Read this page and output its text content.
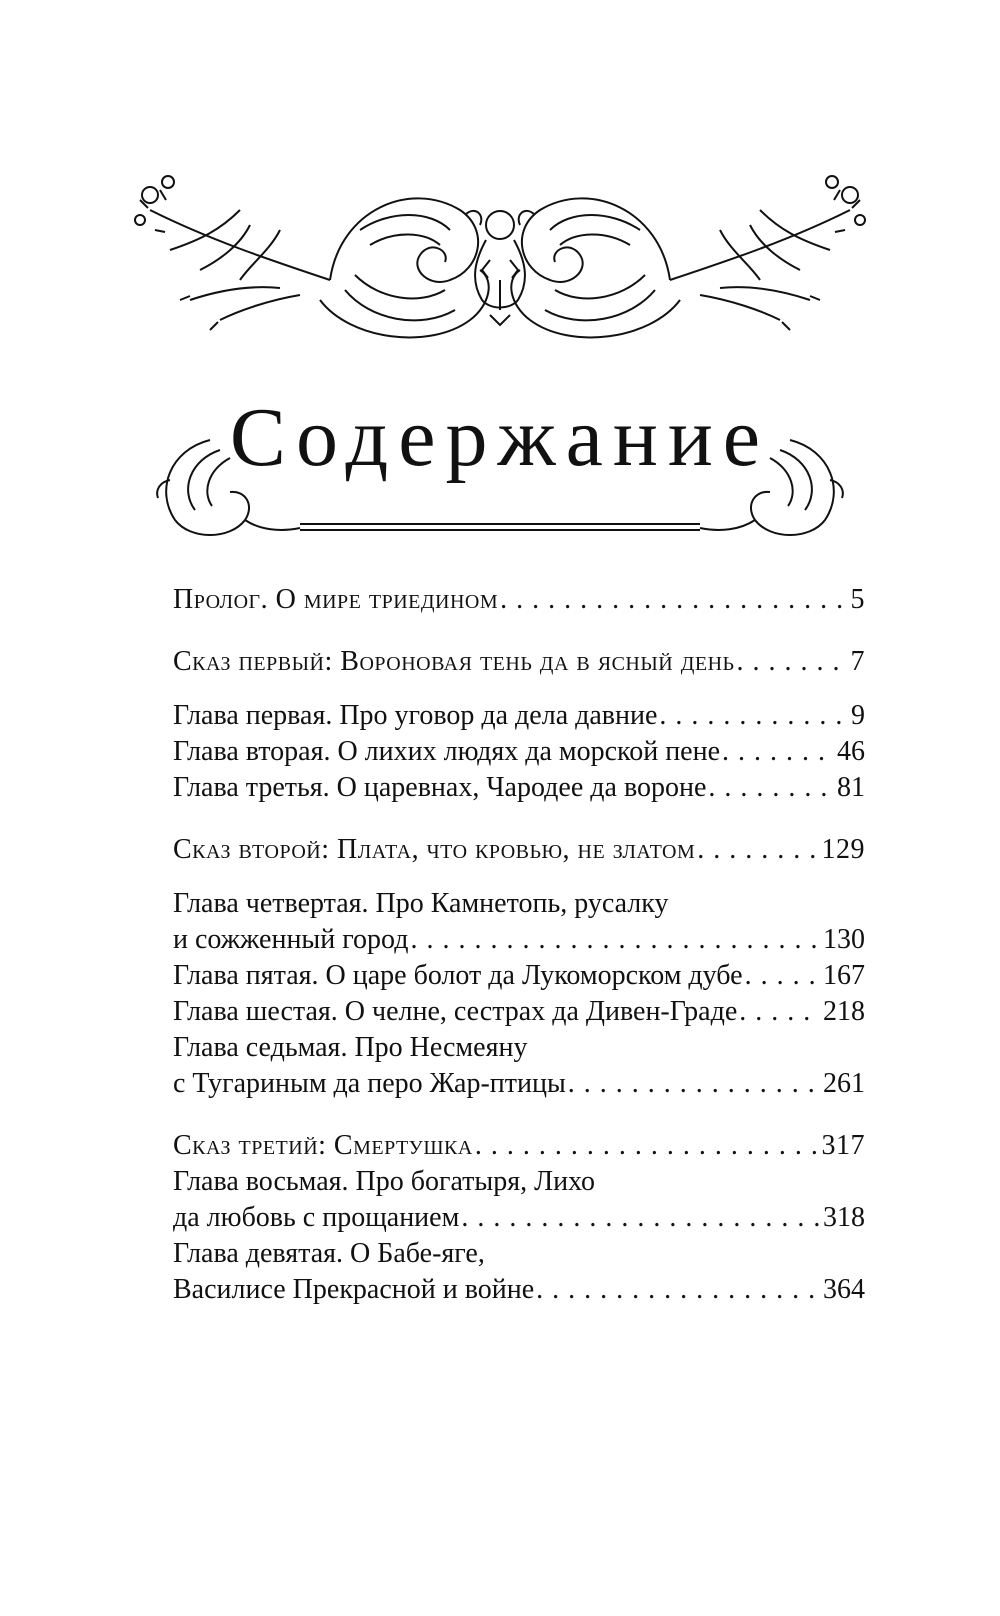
Содержание
Пролог. О мире триедином . . .	5
Сказ первый: Вороновая тень да в ясный день . . .	7
Глава первая. Про уговор да дела давние . . .	9
Глава вторая. О лихих людях да морской пене . . .	46
Глава третья. О царевнах, Чародее да вороне . . .	81
Сказ второй: Плата, что кровью, не златом . . .	129
Глава четвертая. Про Камнетопь, русалку
и сожженный город . . .	130
Глава пятая. О царе болот да Лукоморском дубе . . .	167
Глава шестая. О челне, сестрах да Дивен-Граде . . .	218
Глава седьмая. Про Несмеяну
с Тугариным да перо Жар-птицы . . .	261
Сказ третий: Смертушка . . .	317
Глава восьмая. Про богатыря, Лихо
да любовь с прощанием . . .	318
Глава девятая. О Бабе-яге,
Василисе Прекрасной и войне . . .	364
